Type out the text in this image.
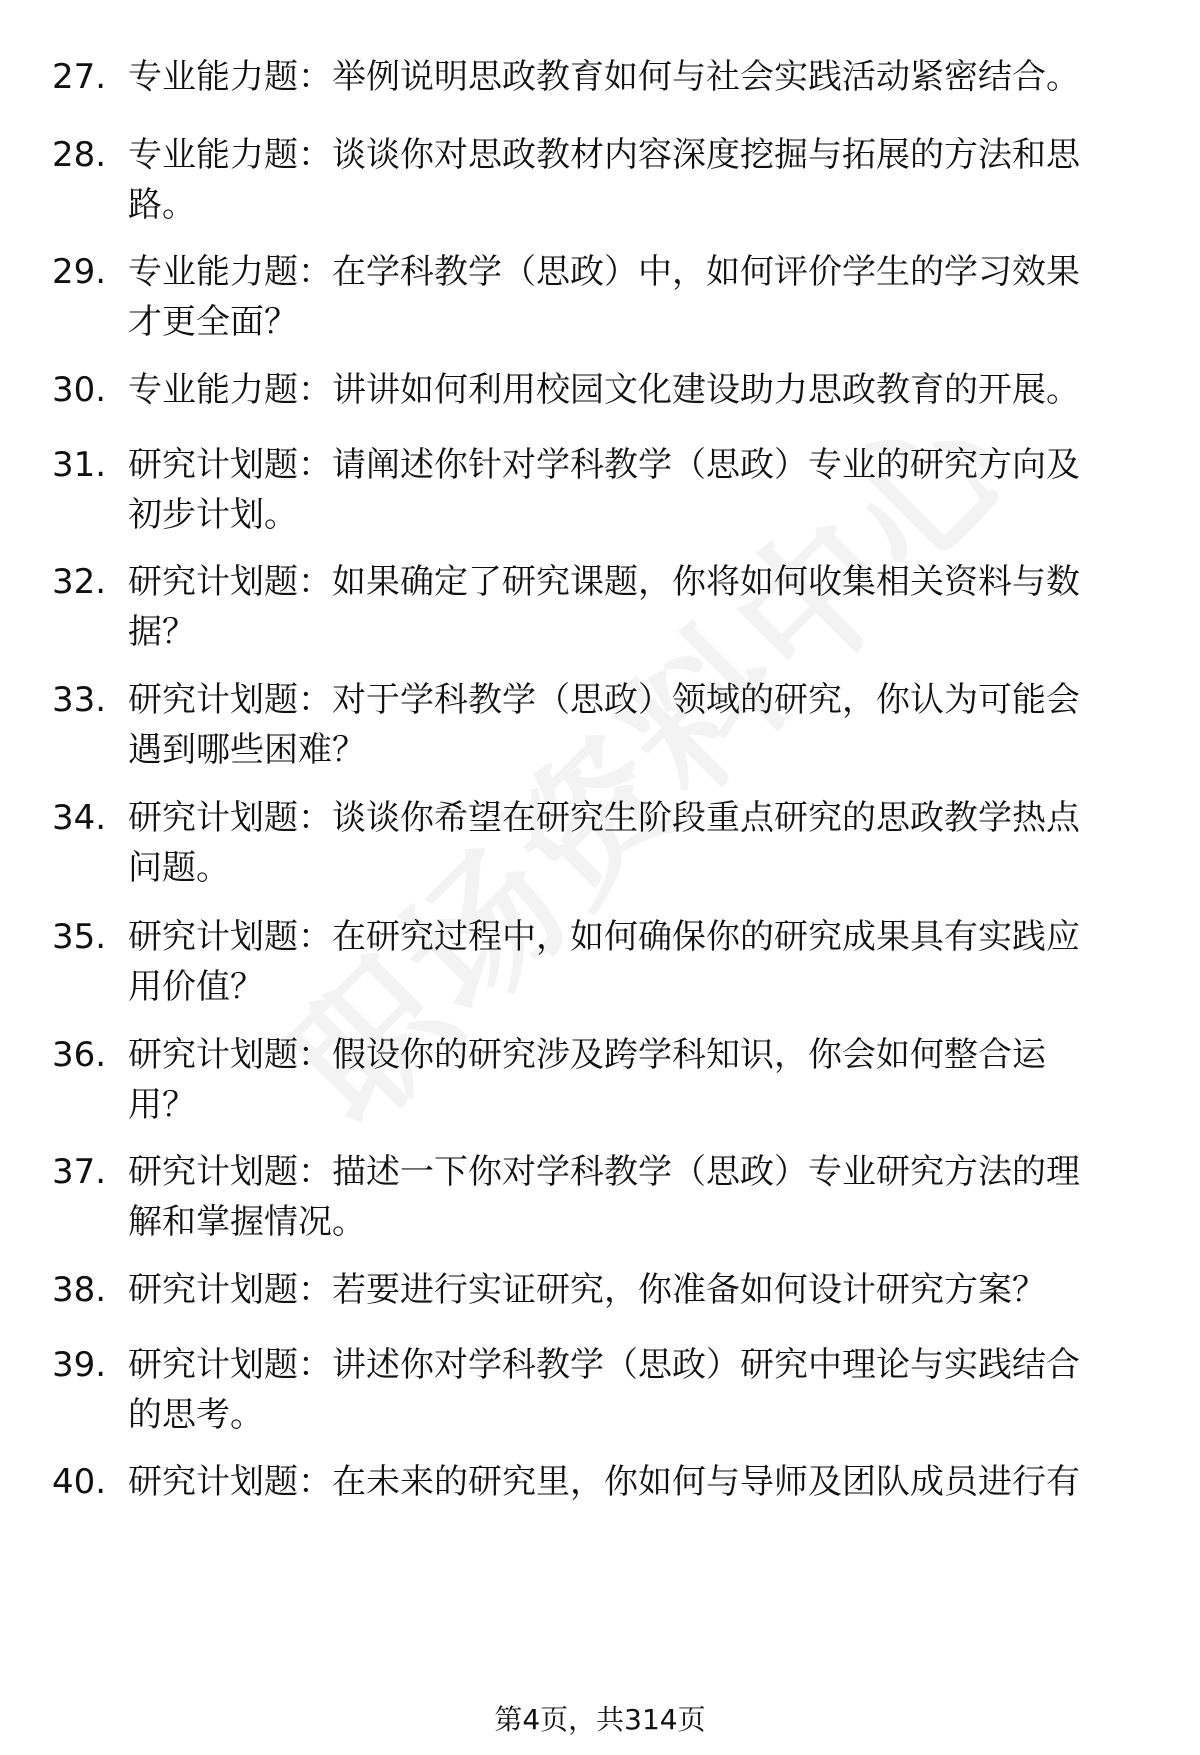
27. 专业能力题：举例说明思政教育如何与社会实践活动紧密结合。
28. 专业能力题：谈谈你对思政教材内容深度挖掘与拓展的方法和思
路。
29. 专业能力题：在学科教学（思政）中，如何评价学生的学习效果
才更全面？
30. 专业能力题：讲讲如何利用校园文化建设助力思政教育的开展。
31. 研究计划题：请阐述你针对学科教学（思政）专业的研究方向及
初步计划。
32. 研究计划题：如果确定了研究课题，你将如何收集相关资料与数
据？
33. 研究计划题：对于学科教学（思政）领域的研究，你认为可能会
遇到哪些困难？
34. 研究计划题：谈谈你希望在研究生阶段重点研究的思政教学热点
问题。
35. 研究计划题：在研究过程中，如何确保你的研究成果具有实践应
用价值？
36. 研究计划题：假设你的研究涉及跨学科知识，你会如何整合运
用？
37. 研究计划题：描述一下你对学科教学（思政）专业研究方法的理
解和掌握情况。
38. 研究计划题：若要进行实证研究，你准备如何设计研究方案？
39. 研究计划题：讲述你对学科教学（思政）研究中理论与实践结合
的思考。
40. 研究计划题：在未来的研究里，你如何与导师及团队成员进行有
第4页，共314页
